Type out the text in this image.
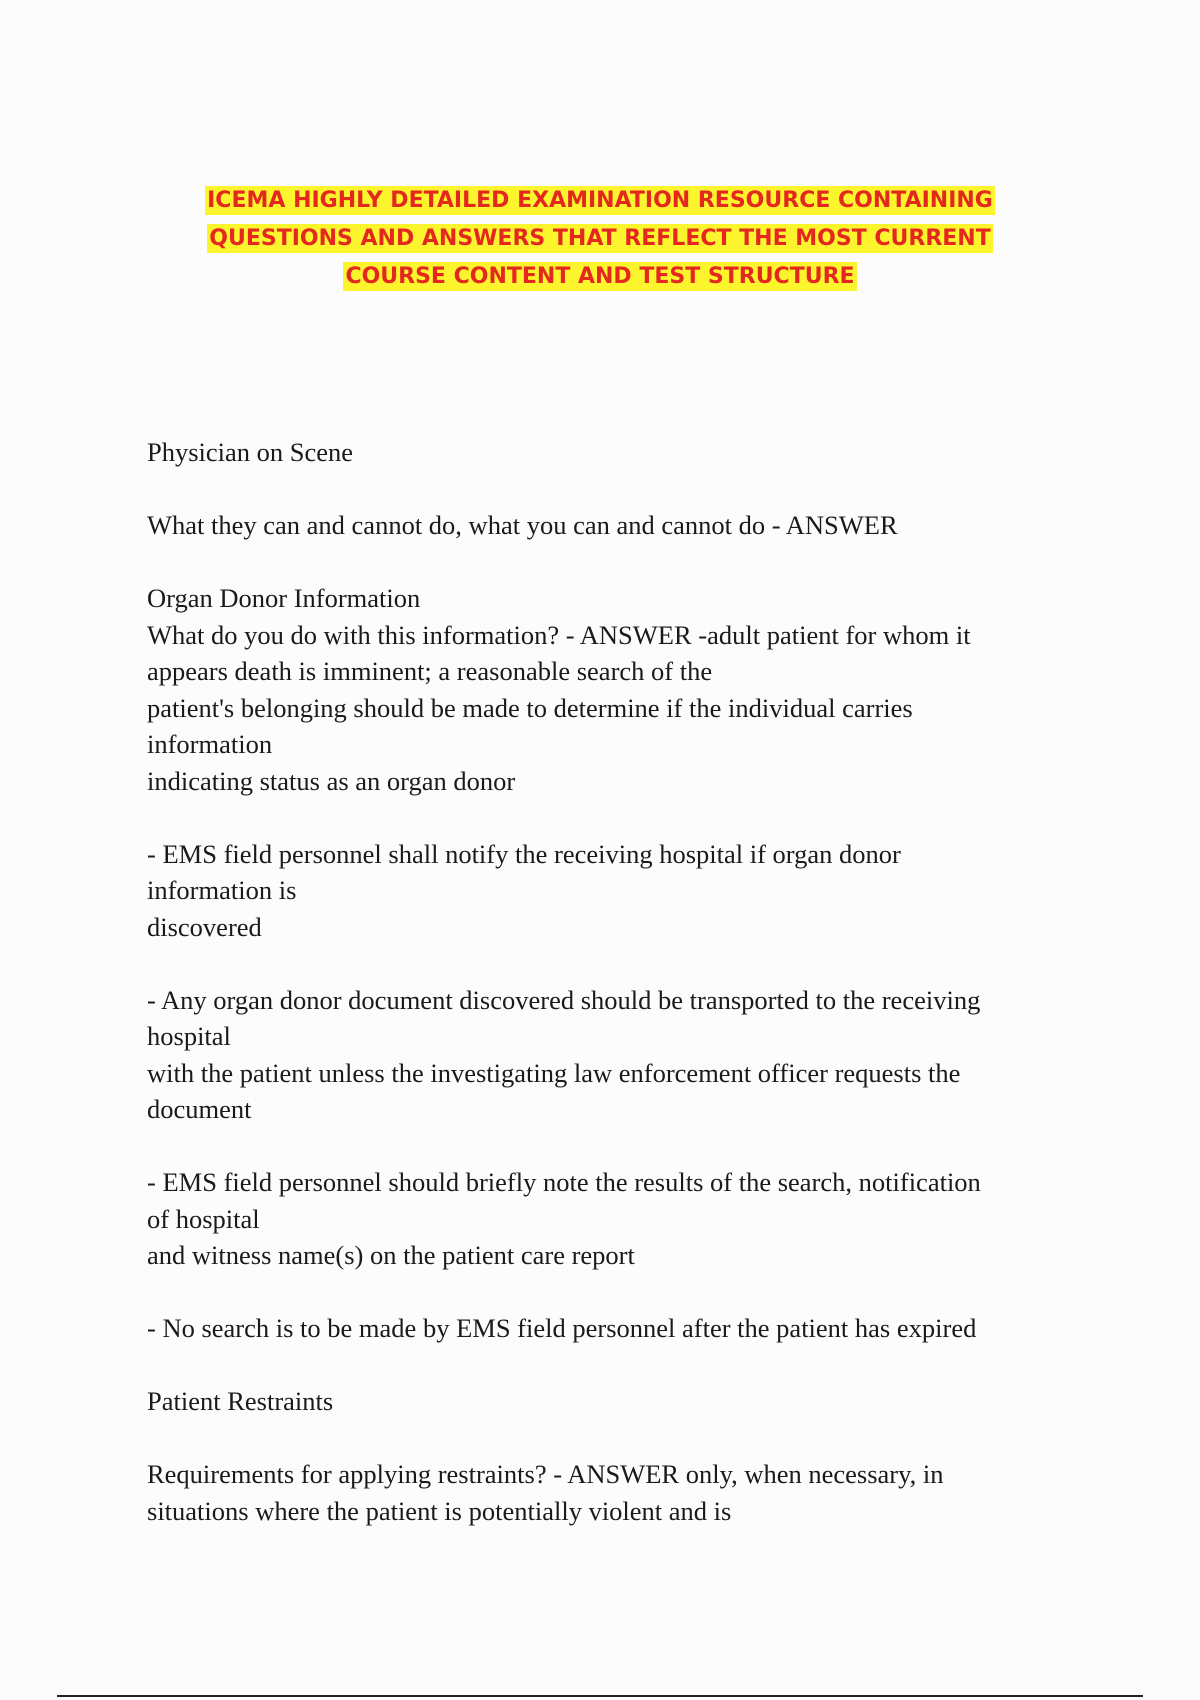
ICEMA HIGHLY DETAILED EXAMINATION RESOURCE CONTAINING
QUESTIONS AND ANSWERS THAT REFLECT THE MOST CURRENT
COURSE CONTENT AND TEST STRUCTURE

Physician on Scene

What they can and cannot do, what you can and cannot do - ANSWER

Organ Donor Information

What do you do with this information? - ANSWER -adult patient for whom it

appears death is imminent; a reasonable search of the

patient's belonging should be made to determine if the individual carries

information

indicating status as an organ donor

- EMS field personnel shall notify the receiving hospital if organ donor

information is

discovered

- Any organ donor document discovered should be transported to the receiving

hospital

with the patient unless the investigating law enforcement officer requests the

document

- EMS field personnel should briefly note the results of the search, notification

of hospital

and witness name(s) on the patient care report

- No search is to be made by EMS field personnel after the patient has expired

Patient Restraints

Requirements for applying restraints? - ANSWER only, when necessary, in

situations where the patient is potentially violent and is
